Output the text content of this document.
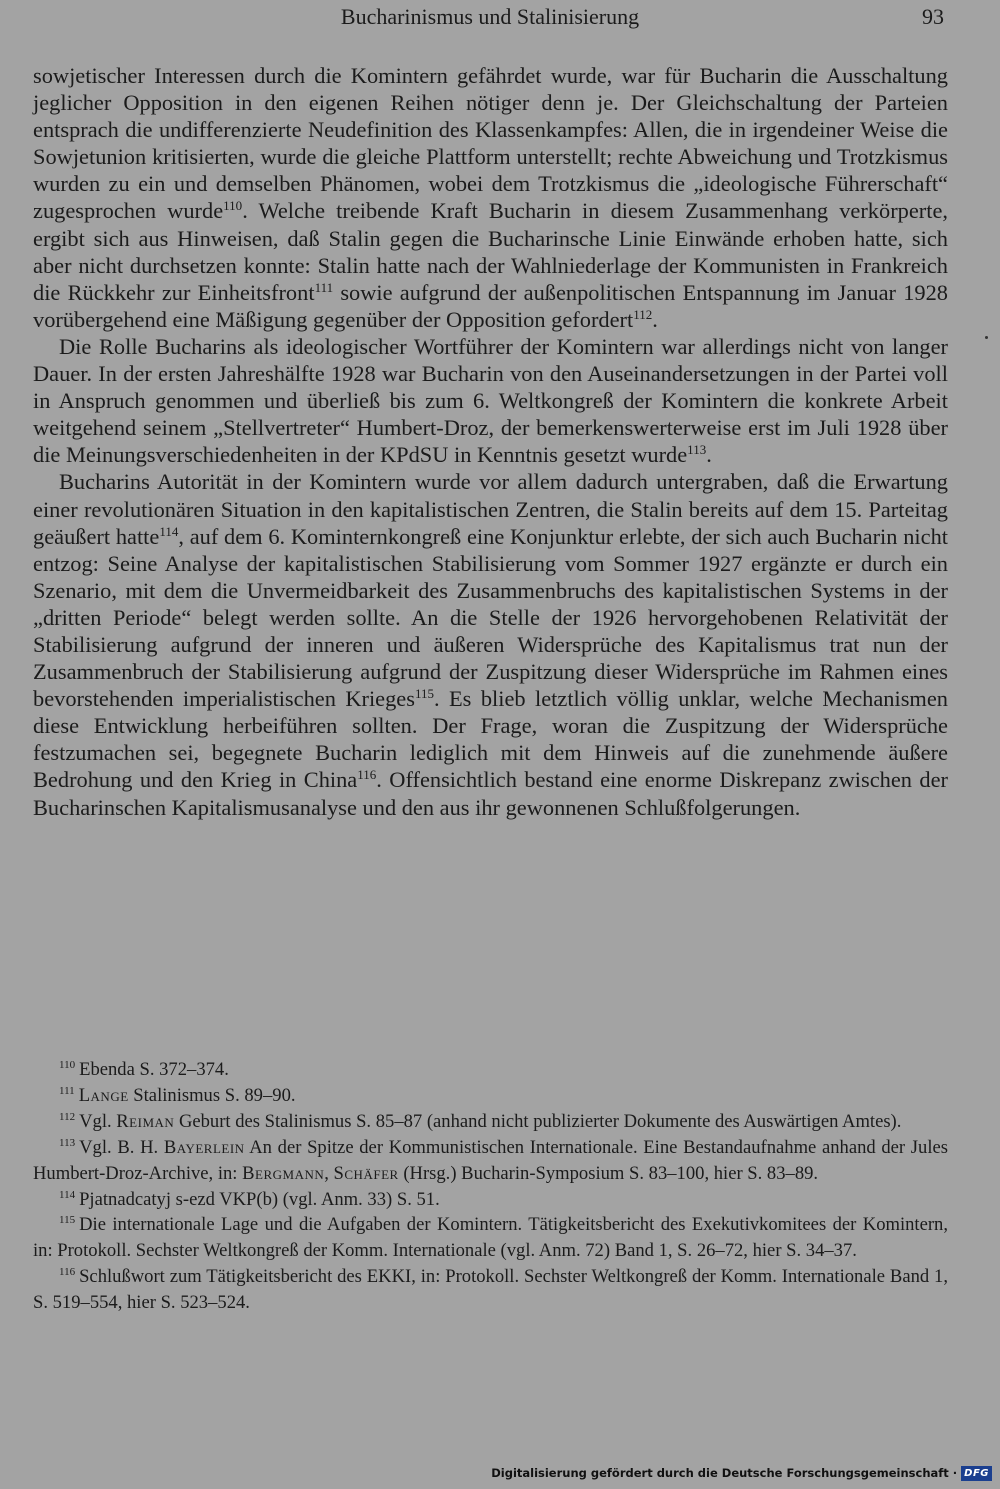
Bucharinismus und Stalinisierung	93

sowjetischer Interessen durch die Komintern gefährdet wurde, war für Bucharin die Ausschaltung jeglicher Opposition in den eigenen Reihen nötiger denn je. Der Gleichschaltung der Parteien entsprach die undifferenzierte Neudefinition des Klassenkampfes: Allen, die in irgendeiner Weise die Sowjetunion kritisierten, wurde die gleiche Plattform unterstellt; rechte Abweichung und Trotzkismus wurden zu ein und demselben Phänomen, wobei dem Trotzkismus die „ideologische Führerschaft“ zugesprochen wurde$^{110}$. Welche treibende Kraft Bucharin in diesem Zusammenhang verkörperte, ergibt sich aus Hinweisen, daß Stalin gegen die Bucharinsche Linie Einwände erhoben hatte, sich aber nicht durchsetzen konnte: Stalin hatte nach der Wahlniederlage der Kommunisten in Frankreich die Rückkehr zur Einheitsfront$^{111}$ sowie aufgrund der außenpolitischen Entspannung im Januar 1928 vorübergehend eine Mäßigung gegenüber der Opposition gefordert$^{112}$.

Die Rolle Bucharins als ideologischer Wortführer der Komintern war allerdings nicht von langer Dauer. In der ersten Jahreshälfte 1928 war Bucharin von den Auseinandersetzungen in der Partei voll in Anspruch genommen und überließ bis zum 6. Weltkongreß der Komintern die konkrete Arbeit weitgehend seinem „Stellvertreter“ Humbert-Droz, der bemerkenswerterweise erst im Juli 1928 über die Meinungsverschiedenheiten in der KPdSU in Kenntnis gesetzt wurde$^{113}$.

Bucharins Autorität in der Komintern wurde vor allem dadurch untergraben, daß die Erwartung einer revolutionären Situation in den kapitalistischen Zentren, die Stalin bereits auf dem 15. Parteitag geäußert hatte$^{114}$, auf dem 6. Kominternkongreß eine Konjunktur erlebte, der sich auch Bucharin nicht entzog: Seine Analyse der kapitalistischen Stabilisierung vom Sommer 1927 ergänzte er durch ein Szenario, mit dem die Unvermeidbarkeit des Zusammenbruchs des kapitalistischen Systems in der „dritten Periode“ belegt werden sollte. An die Stelle der 1926 hervorgehobenen Relativität der Stabilisierung aufgrund der inneren und äußeren Widersprüche des Kapitalismus trat nun der Zusammenbruch der Stabilisierung aufgrund der Zuspitzung dieser Widersprüche im Rahmen eines bevorstehenden imperialistischen Krieges$^{115}$. Es blieb letztlich völlig unklar, welche Mechanismen diese Entwicklung herbeiführen sollten. Der Frage, woran die Zuspitzung der Widersprüche festzumachen sei, begegnete Bucharin lediglich mit dem Hinweis auf die zunehmende äußere Bedrohung und den Krieg in China$^{116}$. Offensichtlich bestand eine enorme Diskrepanz zwischen der Bucharinschen Kapitalismusanalyse und den aus ihr gewonnenen Schlußfolgerungen.

$^{110}$ Ebenda S. 372–374.

$^{111}$ Lange Stalinismus S. 89–90.

$^{112}$ Vgl. Reiman Geburt des Stalinismus S. 85–87 (anhand nicht publizierter Dokumente des Auswärtigen Amtes).

$^{113}$ Vgl. B. H. Bayerlein An der Spitze der Kommunistischen Internationale. Eine Bestandaufnahme anhand der Jules Humbert-Droz-Archive, in: Bergmann, Schäfer (Hrsg.) Bucharin-Symposium S. 83–100, hier S. 83–89.

$^{114}$ Pjatnadcatyj s-ezd VKP(b) (vgl. Anm. 33) S. 51.

$^{115}$ Die internationale Lage und die Aufgaben der Komintern. Tätigkeitsbericht des Exekutivkomitees der Komintern, in: Protokoll. Sechster Weltkongreß der Komm. Internationale (vgl. Anm. 72) Band 1, S. 26–72, hier S. 34–37.

$^{116}$ Schlußwort zum Tätigkeitsbericht des EKKI, in: Protokoll. Sechster Weltkongreß der Komm. Internationale Band 1, S. 519–554, hier S. 523–524.

Digitalisierung gefördert durch die Deutsche Forschungsgemeinschaft · DFG
